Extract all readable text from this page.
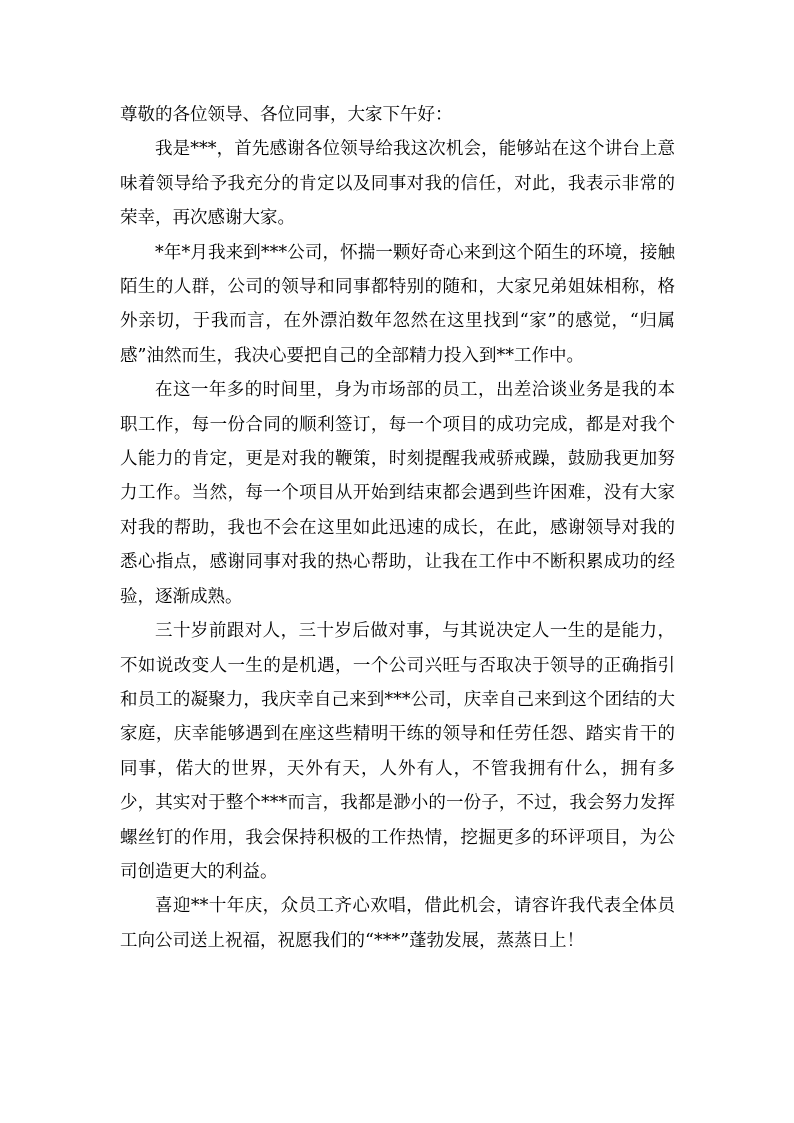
尊敬的各位领导、各位同事，大家下午好：

我是***，首先感谢各位领导给我这次机会，能够站在这个讲台上意味着领导给予我充分的肯定以及同事对我的信任，对此，我表示非常的荣幸，再次感谢大家。

*年*月我来到***公司，怀揣一颗好奇心来到这个陌生的环境，接触陌生的人群，公司的领导和同事都特别的随和，大家兄弟姐妹相称，格外亲切，于我而言，在外漂泊数年忽然在这里找到“家”的感觉，“归属感”油然而生，我决心要把自己的全部精力投入到**工作中。

在这一年多的时间里，身为市场部的员工，出差洽谈业务是我的本职工作，每一份合同的顺利签订，每一个项目的成功完成，都是对我个人能力的肯定，更是对我的鞭策，时刻提醒我戒骄戒躁，鼓励我更加努力工作。当然，每一个项目从开始到结束都会遇到些许困难，没有大家对我的帮助，我也不会在这里如此迅速的成长，在此，感谢领导对我的悉心指点，感谢同事对我的热心帮助，让我在工作中不断积累成功的经验，逐渐成熟。

三十岁前跟对人，三十岁后做对事，与其说决定人一生的是能力，不如说改变人一生的是机遇，一个公司兴旺与否取决于领导的正确指引和员工的凝聚力，我庆幸自己来到***公司，庆幸自己来到这个团结的大家庭，庆幸能够遇到在座这些精明干练的领导和任劳任怨、踏实肯干的同事，偌大的世界，天外有天，人外有人，不管我拥有什么，拥有多少，其实对于整个***而言，我都是渺小的一份子，不过，我会努力发挥螺丝钉的作用，我会保持积极的工作热情，挖掘更多的环评项目，为公司创造更大的利益。

喜迎**十年庆，众员工齐心欢唱，借此机会，请容许我代表全体员工向公司送上祝福，祝愿我们的“***”蓬勃发展，蒸蒸日上！
